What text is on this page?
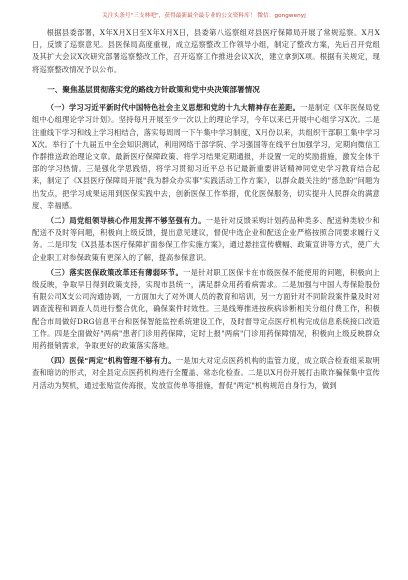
关注头条号"三支林吧"，获得最新最全最专业的公文资料库！ 微信：gongwenyj

根据县委部署，X年X月X日至X年X月X日，县委第八巡察组对县医疗保障局开展了常规巡察。X月X日，反馈了巡察意见。县医保局高度重视，成立巡察整改工作领导小组，制定了整改方案，先后召开党组及其扩大会议X次研究部署巡察整改工作，召开巡察工作推进会议X次，建立拿到X项。根据有关规定，现将巡察整改情况予以公布。

一、聚焦基层贯彻落实党的路线方针政策和党中央决策部署情况

（一）学习习近平新时代中国特色社会主义思想和党的十九大精神存在差距。一是制定《X年医保局党组中心组理论学习计划》。坚持每月开展至少一次以上的理论学习，今年以来已开展中心组学习X次。二是注重线下学习和线上学习相结合，落实每周周一下午集中学习制度，X月份以来，共组织干部职工集中学习X次。举行了十九届五中全会知识测试，利用网络干部学院、学习强国等在线平台加强学习，定期向微信工作群推送政治理论文章。最新医疗保障政策、将学习结果定期通报，并设置一定的奖励措施，激发全体干部的学习热情。三是强化学思践悟，将学习贯彻习近平总书记最新重要讲话精神同党史学习教育结合起来，制定了《X县医疗保障局开展"我为群众办实事"实践活动工作方案》，以群众最关注的"慈急盼"问题为出发点，把学习成果运用到医保实践中去，创新医保工作举措，优化医保服务，切实提升人民群众的满意度、幸福感。

（二）局党组领导核心作用发挥不够坚强有力。一是针对反馈采购计划药品种类多、配送种类较少和配送不及时等问题，积极向上级反馈，提出意见建议，督促中选企业和配送企业严格按照合同要求履行义务。二是印发《X县基本医疗保障扩面参保工作实施方案》，通过悬挂宣传横幅、政策宣讲等方式，使广大企业职工对参保政策有更深入的了解，提高参保意识。

（三）落实医保政策改革还有薄弱环节。一是针对职工医保卡在市级医保不能使用的问题，积极向上级反映，争取早日得到政策支持，实现市县统一，满足群众用药看病需求。二是加强与中国人寿保险股份有限公司X支公司沟通协调，一方面加大了对外调人员的教育和培训，另一方面针对不同阶段案件量及时对调查流程和调查人员进行整合优化，确保案件时效性。三是线筹推进按疾病诊断相关分组付费工作，积极配合市局做好DRG信息平台和医保智能监控系统建设工作，及时督导定点医疗机构完成信息系统接口改造工作。四是全面做好"两病"患者门诊用药保障，定时上报"两病"门诊用药保障情况，积极向上级反映群众用药报销需求，争取更好的政策落实落地。

（四）医保"两定"机构管理不够有力。一是加大对定点医药机构的监管力度，成立联合检查组采取明查和暗访的形式，对全县定点医药机构进行全覆盖、常态化检查。二是以X月份开展打击欺诈骗保集中宣传月活动为契机，通过张贴宣传海报，发放宣传单等措施，督促"两定"机构规范自身行为，做到
